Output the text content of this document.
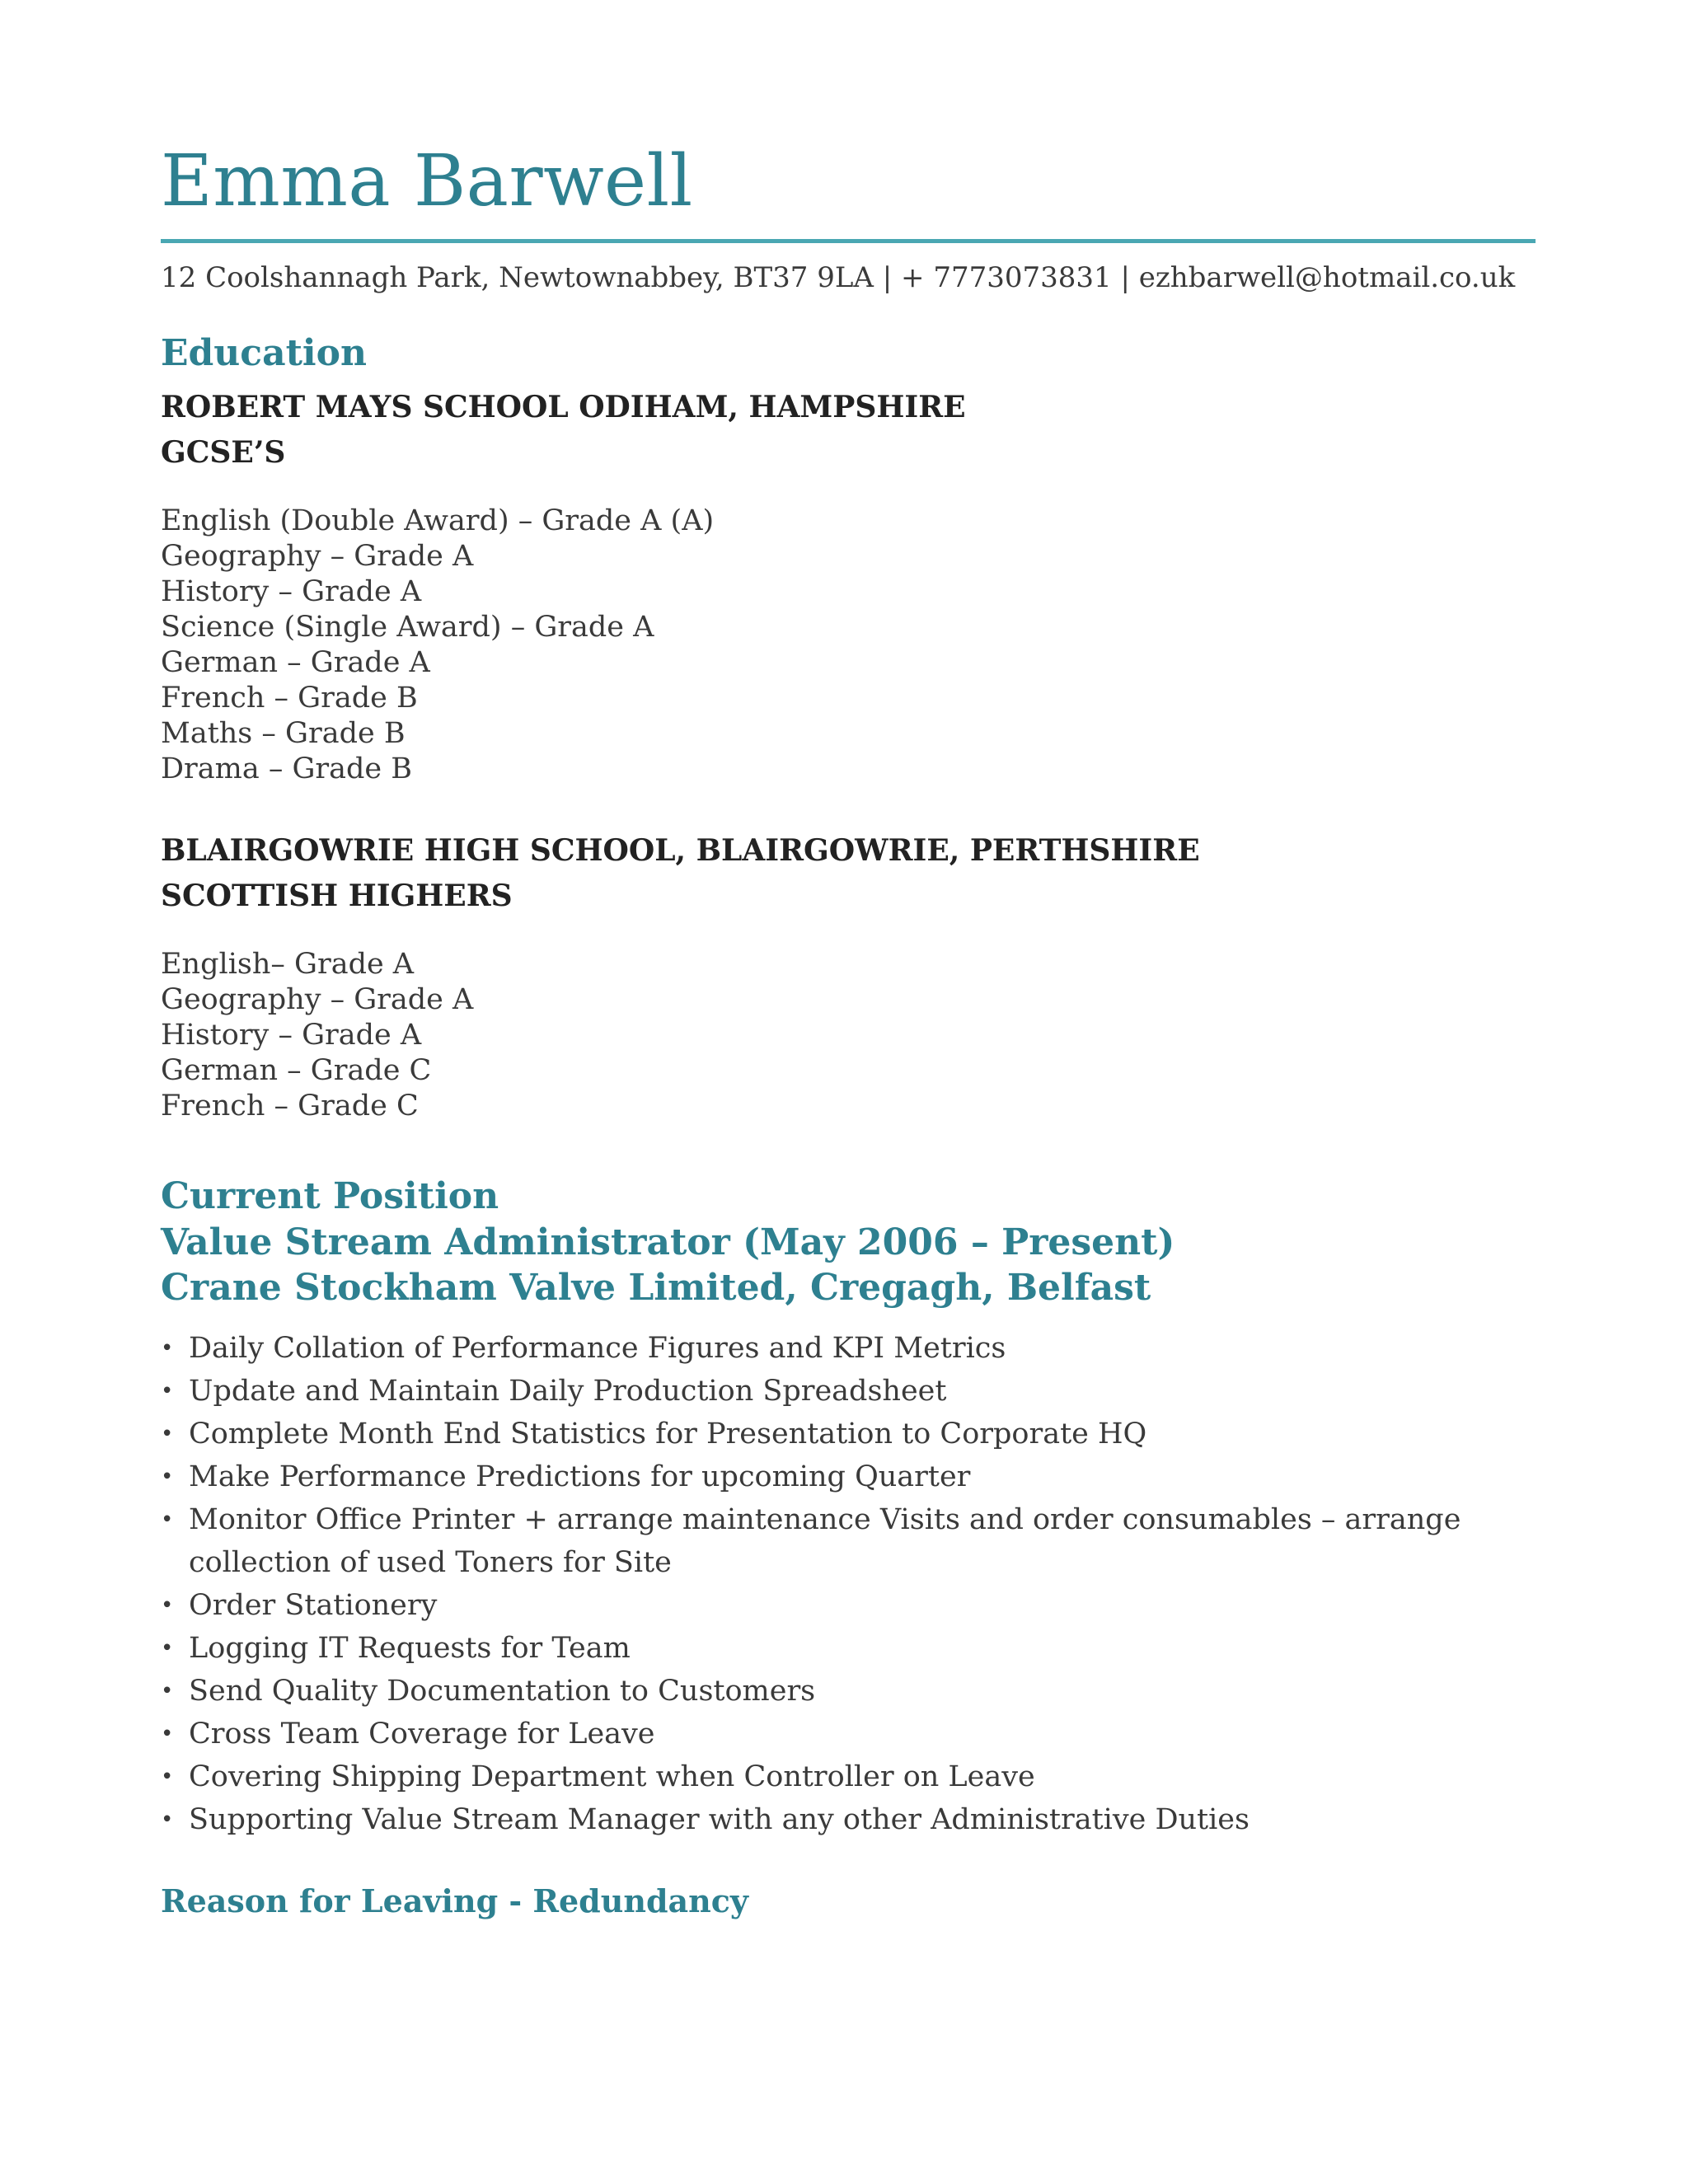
Emma Barwell
12 Coolshannagh Park, Newtownabbey, BT37 9LA | + 7773073831 | ezhbarwell@hotmail.co.uk
Education
ROBERT MAYS SCHOOL ODIHAM, HAMPSHIRE
GCSE’S
English (Double Award) – Grade A (A)
Geography – Grade A
History – Grade A
Science (Single Award) – Grade A
German – Grade A
French – Grade B
Maths – Grade B
Drama – Grade B
BLAIRGOWRIE HIGH SCHOOL, BLAIRGOWRIE, PERTHSHIRE
SCOTTISH HIGHERS
English– Grade A
Geography – Grade A
History – Grade A
German – Grade C
French – Grade C
Current Position
Value Stream Administrator (May 2006 – Present)
Crane Stockham Valve Limited, Cregagh, Belfast
• Daily Collation of Performance Figures and KPI Metrics
• Update and Maintain Daily Production Spreadsheet
• Complete Month End Statistics for Presentation to Corporate HQ
• Make Performance Predictions for upcoming Quarter
• Monitor Office Printer + arrange maintenance Visits and order consumables – arrange collection of used Toners for Site
• Order Stationery
• Logging IT Requests for Team
• Send Quality Documentation to Customers
• Cross Team Coverage for Leave
• Covering Shipping Department when Controller on Leave
• Supporting Value Stream Manager with any other Administrative Duties
Reason for Leaving - Redundancy
